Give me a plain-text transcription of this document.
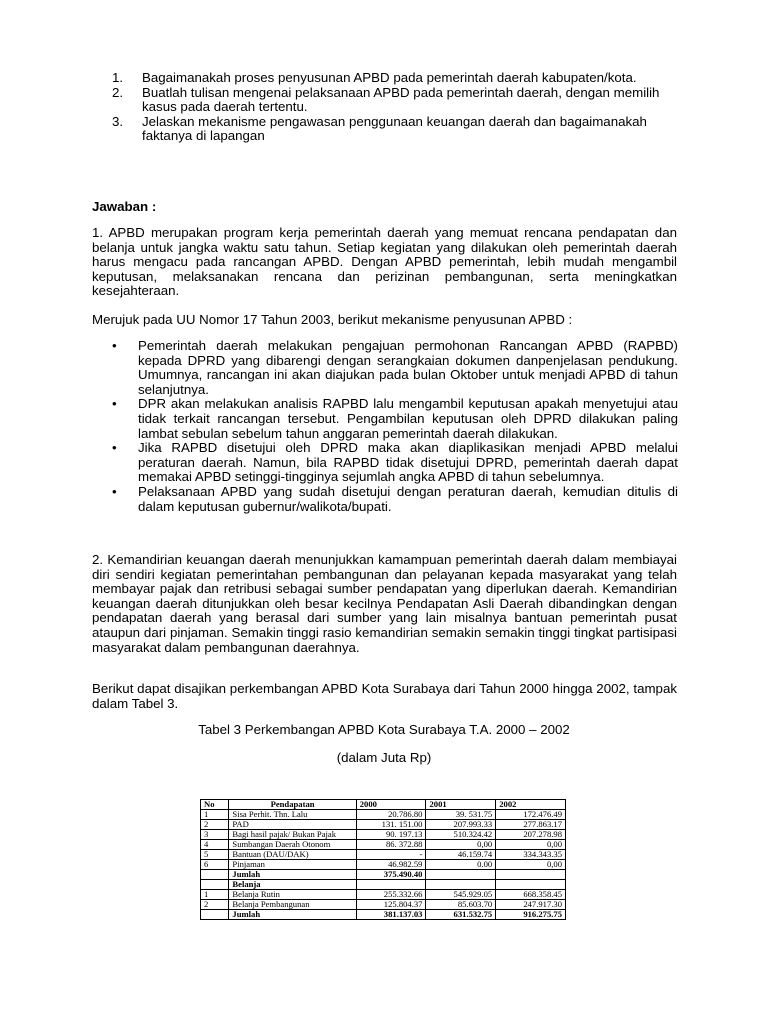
1. Bagaimanakah proses penyusunan APBD pada pemerintah daerah kabupaten/kota.
2. Buatlah tulisan mengenai pelaksanaan APBD pada pemerintah daerah, dengan memilih kasus pada daerah tertentu.
3. Jelaskan mekanisme pengawasan penggunaan keuangan daerah dan bagaimanakah faktanya di lapangan
Jawaban :

1. APBD merupakan program kerja pemerintah daerah yang memuat rencana pendapatan dan belanja untuk jangka waktu satu tahun. Setiap kegiatan yang dilakukan oleh pemerintah daerah harus mengacu pada rancangan APBD. Dengan APBD pemerintah, lebih mudah mengambil keputusan, melaksanakan rencana dan perizinan pembangunan, serta meningkatkan kesejahteraan.

Merujuk pada UU Nomor 17 Tahun 2003, berikut mekanisme penyusunan APBD :

• Pemerintah daerah melakukan pengajuan permohonan Rancangan APBD (RAPBD) kepada DPRD yang dibarengi dengan serangkaian dokumen danpenjelasan pendukung. Umumnya, rancangan ini akan diajukan pada bulan Oktober untuk menjadi APBD di tahun selanjutnya.
• DPR akan melakukan analisis RAPBD lalu mengambil keputusan apakah menyetujui atau tidak terkait rancangan tersebut. Pengambilan keputusan oleh DPRD dilakukan paling lambat sebulan sebelum tahun anggaran pemerintah daerah dilakukan.
• Jika RAPBD disetujui oleh DPRD maka akan diaplikasikan menjadi APBD melalui peraturan daerah. Namun, bila RAPBD tidak disetujui DPRD, pemerintah daerah dapat memakai APBD setinggi-tingginya sejumlah angka APBD di tahun sebelumnya.
• Pelaksanaan APBD yang sudah disetujui dengan peraturan daerah, kemudian ditulis di dalam keputusan gubernur/walikota/bupati.

2. Kemandirian keuangan daerah menunjukkan kamampuan pemerintah daerah dalam membiayai diri sendiri kegiatan pemerintahan pembangunan dan pelayanan kepada masyarakat yang telah membayar pajak dan retribusi sebagai sumber pendapatan yang diperlukan daerah. Kemandirian keuangan daerah ditunjukkan oleh besar kecilnya Pendapatan Asli Daerah dibandingkan dengan pendapatan daerah yang berasal dari sumber yang lain misalnya bantuan pemerintah pusat ataupun dari pinjaman. Semakin tinggi rasio kemandirian semakin semakin tinggi tingkat partisipasi masyarakat dalam pembangunan daerahnya.

Berikut dapat disajikan perkembangan APBD Kota Surabaya dari Tahun 2000 hingga 2002, tampak dalam Tabel 3.

Tabel 3 Perkembangan APBD Kota Surabaya T.A. 2000 – 2002
(dalam Juta Rp)
No	Pendapatan	2000	2001	2002
1	Sisa Perhit. Thn. Lalu	20.786.80	39. 531.75	172.476.49
2	PAD	131. 151.00	207.993.33	277.863.17
3	Bagi hasil pajak/ Bukan Pajak	90. 197.13	510.324.42	207.278.98
4	Sumbangan Daerah Otonom	86. 372.88	0,00	0,00
5	Bantuan (DAU/DAK)	-	46.159.74	334.343.35
6	Pinjaman	46.982.59	0.00	0,00
	Jumlah	375.490.40		
	Belanja			
1	Belanja Rutin	255.332.66	545.929.05	668.358.45
2	Belanja Pembangunan	125.804.37	85.603.70	247.917.30
	Jumlah	381.137.03	631.532.75	916.275.75
